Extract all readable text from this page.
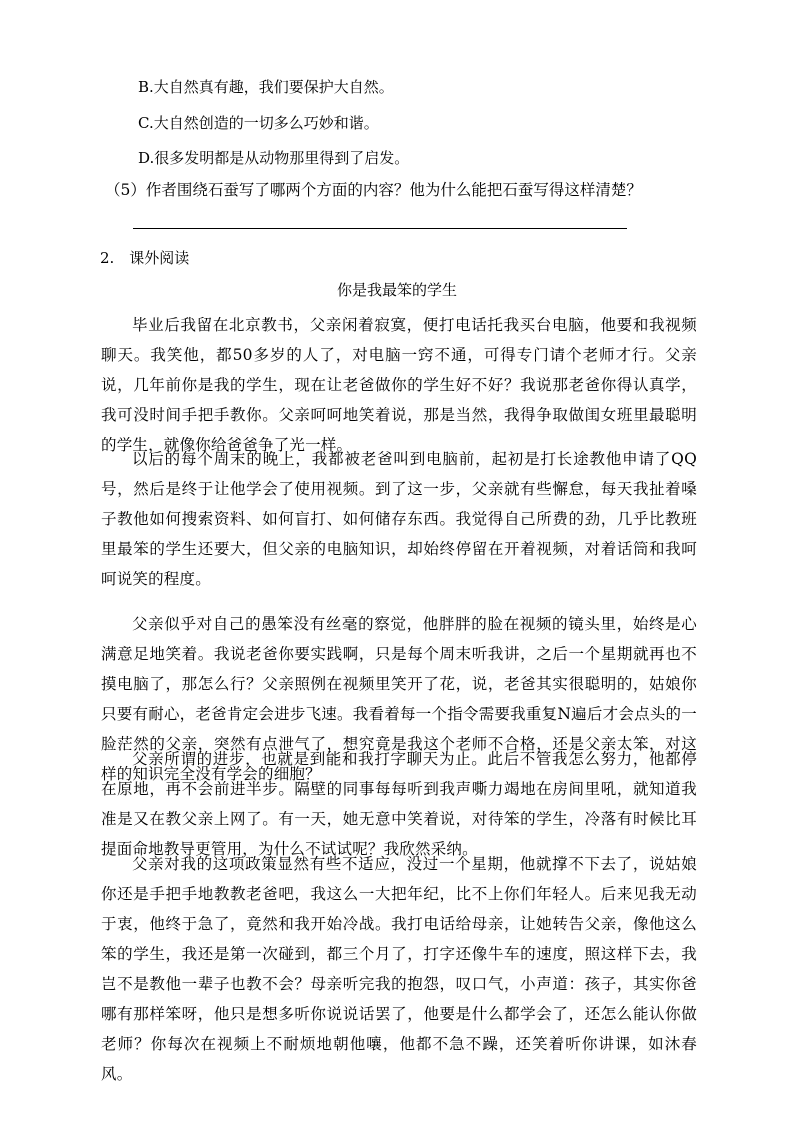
B.大自然真有趣，我们要保护大自然。
C.大自然创造的一切多么巧妙和谐。
D.很多发明都是从动物那里得到了启发。
（5）作者围绕石蚕写了哪两个方面的内容？他为什么能把石蚕写得这样清楚？
2.　课外阅读
你是我最笨的学生

毕业后我留在北京教书，父亲闲着寂寞，便打电话托我买台电脑，他要和我视频聊天。我笑他，都50多岁的人了，对电脑一窍不通，可得专门请个老师才行。父亲说，几年前你是我的学生，现在让老爸做你的学生好不好？我说那老爸你得认真学，我可没时间手把手教你。父亲呵呵地笑着说，那是当然，我得争取做闺女班里最聪明的学生，就像你给爸爸争了光一样。

以后的每个周末的晚上，我都被老爸叫到电脑前，起初是打长途教他申请了QQ号，然后是终于让他学会了使用视频。到了这一步，父亲就有些懈怠，每天我扯着嗓子教他如何搜索资料、如何盲打、如何储存东西。我觉得自己所费的劲，几乎比教班里最笨的学生还要大，但父亲的电脑知识，却始终停留在开着视频，对着话筒和我呵呵说笑的程度。

父亲似乎对自己的愚笨没有丝毫的察觉，他胖胖的脸在视频的镜头里，始终是心满意足地笑着。我说老爸你要实践啊，只是每个周末听我讲，之后一个星期就再也不摸电脑了，那怎么行？父亲照例在视频里笑开了花，说，老爸其实很聪明的，姑娘你只要有耐心，老爸肯定会进步飞速。我看着每一个指令需要我重复N遍后才会点头的一脸茫然的父亲，突然有点泄气了，想究竟是我这个老师不合格，还是父亲太笨，对这样的知识完全没有学会的细胞？

父亲所谓的进步，也就是到能和我打字聊天为止。此后不管我怎么努力，他都停在原地，再不会前进半步。隔壁的同事每每听到我声嘶力竭地在房间里吼，就知道我准是又在教父亲上网了。有一天，她无意中笑着说，对待笨的学生，冷落有时候比耳提面命地教导更管用，为什么不试试呢？我欣然采纳。

父亲对我的这项政策显然有些不适应，没过一个星期，他就撑不下去了，说姑娘你还是手把手地教教老爸吧，我这么一大把年纪，比不上你们年轻人。后来见我无动于衷，他终于急了，竟然和我开始冷战。我打电话给母亲，让她转告父亲，像他这么笨的学生，我还是第一次碰到，都三个月了，打字还像牛车的速度，照这样下去，我岂不是教他一辈子也教不会？母亲听完我的抱怨，叹口气，小声道：孩子，其实你爸哪有那样笨呀，他只是想多听你说说话罢了，他要是什么都学会了，还怎么能认你做老师？你每次在视频上不耐烦地朝他嚷，他都不急不躁，还笑着听你讲课，如沐春风。
